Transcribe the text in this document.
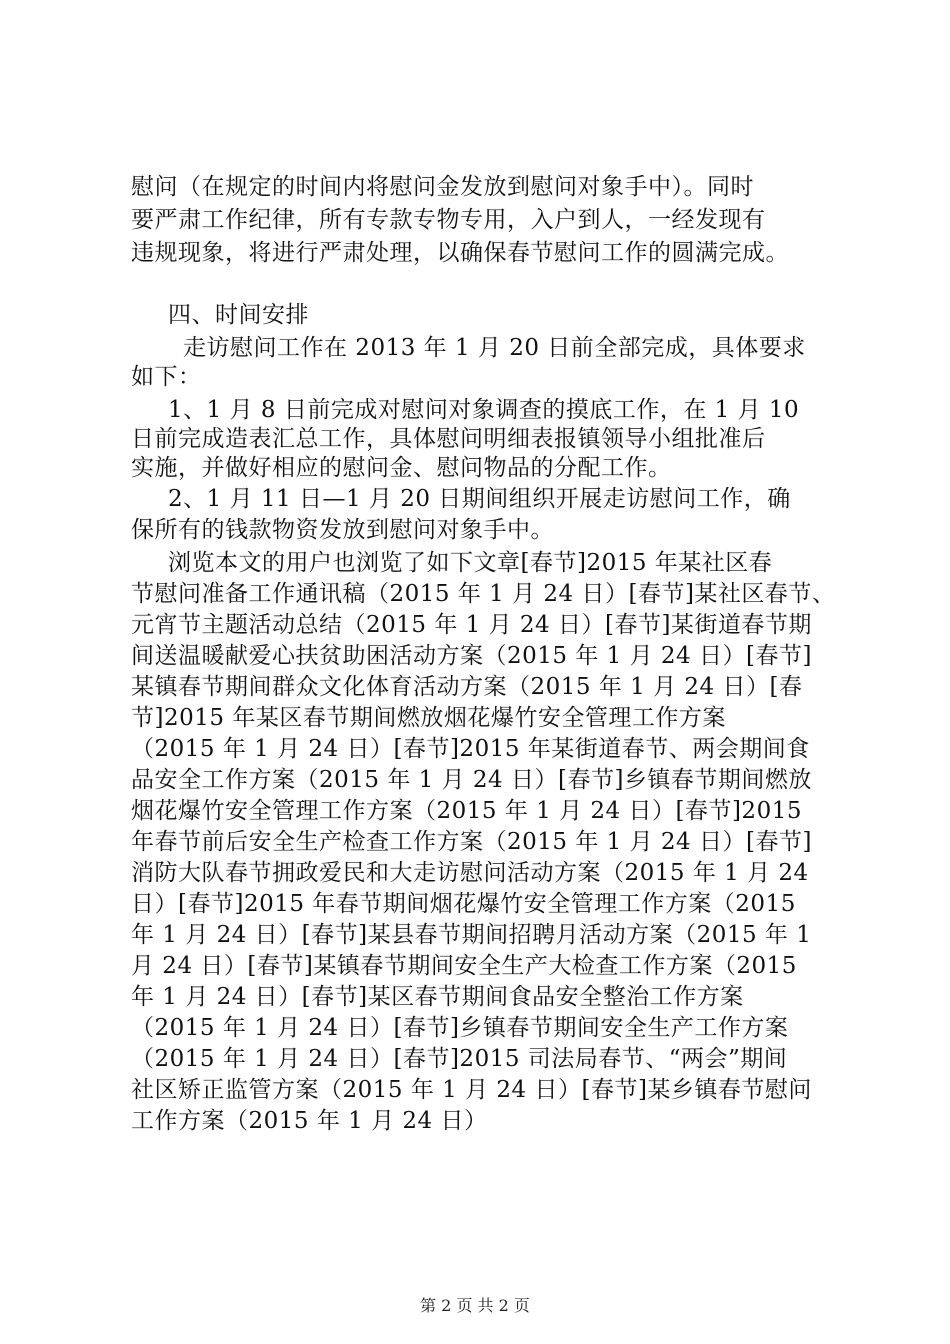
慰问（在规定的时间内将慰问金发放到慰问对象手中）。同时
要严肃工作纪律，所有专款专物专用，入户到人，一经发现有
违规现象，将进行严肃处理，以确保春节慰问工作的圆满完成。
四、时间安排
走访慰问工作在 2013 年 1 月 20 日前全部完成，具体要求
如下：
1、1 月 8 日前完成对慰问对象调查的摸底工作，在 1 月 10
日前完成造表汇总工作，具体慰问明细表报镇领导小组批准后
实施，并做好相应的慰问金、慰问物品的分配工作。
2、1 月 11 日—1 月 20 日期间组织开展走访慰问工作，确
保所有的钱款物资发放到慰问对象手中。
浏览本文的用户也浏览了如下文章[春节]2015 年某社区春
节慰问准备工作通讯稿（2015 年 1 月 24 日）[春节]某社区春节、
元宵节主题活动总结（2015 年 1 月 24 日）[春节]某街道春节期
间送温暖献爱心扶贫助困活动方案（2015 年 1 月 24 日）[春节]
某镇春节期间群众文化体育活动方案（2015 年 1 月 24 日）[春
节]2015 年某区春节期间燃放烟花爆竹安全管理工作方案
（2015 年 1 月 24 日）[春节]2015 年某街道春节、两会期间食
品安全工作方案（2015 年 1 月 24 日）[春节]乡镇春节期间燃放
烟花爆竹安全管理工作方案（2015 年 1 月 24 日）[春节]2015
年春节前后安全生产检查工作方案（2015 年 1 月 24 日）[春节]
消防大队春节拥政爱民和大走访慰问活动方案（2015 年 1 月 24
日）[春节]2015 年春节期间烟花爆竹安全管理工作方案（2015
年 1 月 24 日）[春节]某县春节期间招聘月活动方案（2015 年 1
月 24 日）[春节]某镇春节期间安全生产大检查工作方案（2015
年 1 月 24 日）[春节]某区春节期间食品安全整治工作方案
（2015 年 1 月 24 日）[春节]乡镇春节期间安全生产工作方案
（2015 年 1 月 24 日）[春节]2015 司法局春节、“两会”期间
社区矫正监管方案（2015 年 1 月 24 日）[春节]某乡镇春节慰问
工作方案（2015 年 1 月 24 日）
第 2 页 共 2 页
